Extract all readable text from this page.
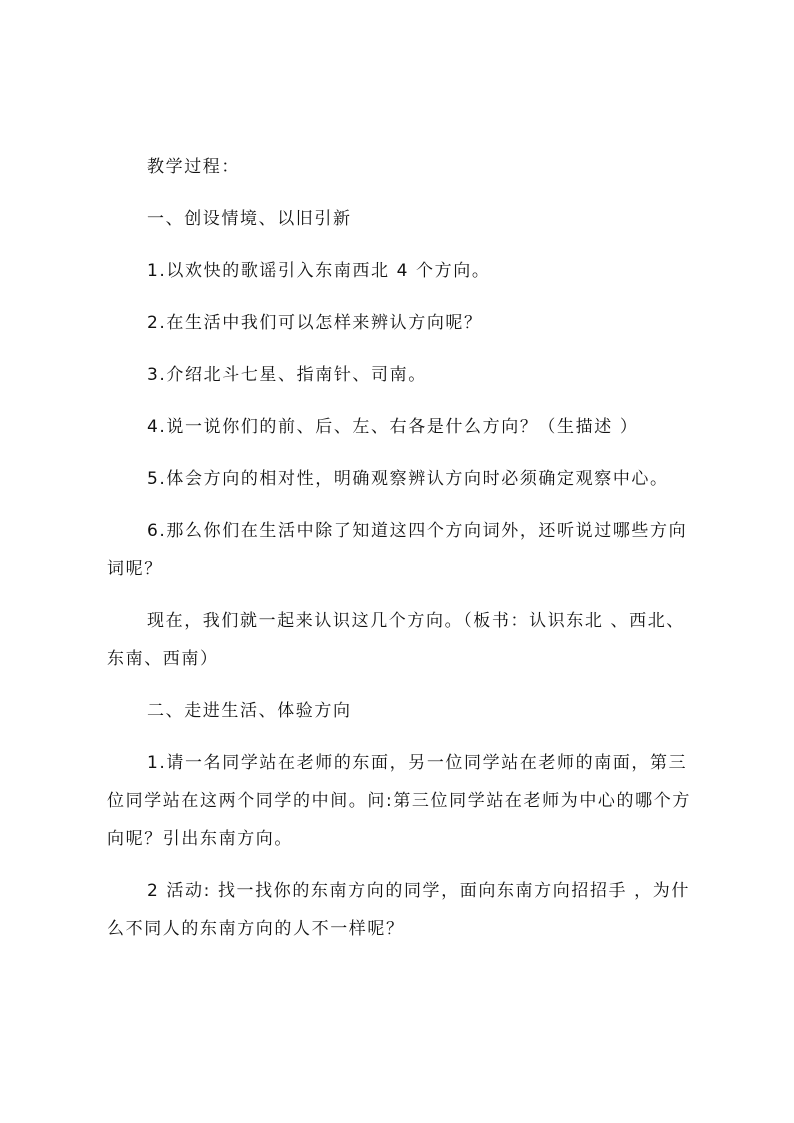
教学过程：

一、创设情境、以旧引新

1.以欢快的歌谣引入东南西北 4 个方向。

2.在生活中我们可以怎样来辨认方向呢？

3.介绍北斗七星、指南针、司南。

4.说一说你们的前、后、左、右各是什么方向？（生描述 ）

5.体会方向的相对性，明确观察辨认方向时必须确定观察中心。

6.那么你们在生活中除了知道这四个方向词外，还听说过哪些方向词呢？

现在，我们就一起来认识这几个方向。（板书：认识东北 、西北、东南、西南）

二、走进生活、体验方向

1.请一名同学站在老师的东面，另一位同学站在老师的南面，第三位同学站在这两个同学的中间。问:第三位同学站在老师为中心的哪个方向呢？引出东南方向。

2 活动: 找一找你的东南方向的同学，面向东南方向招招手 ，为什么不同人的东南方向的人不一样呢？
